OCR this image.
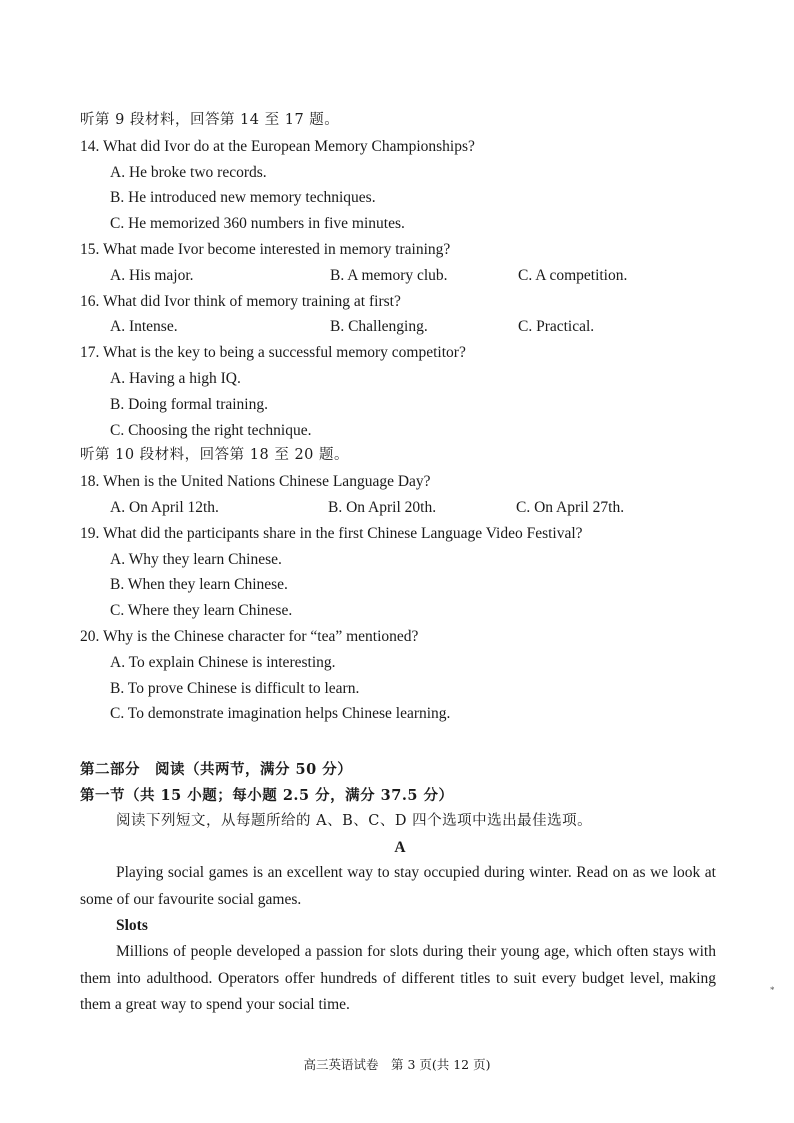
听第 9 段材料，回答第 14 至 17 题。
14. What did Ivor do at the European Memory Championships?
A. He broke two records.
B. He introduced new memory techniques.
C. He memorized 360 numbers in five minutes.
15. What made Ivor become interested in memory training?
A. His major.	B. A memory club.	C. A competition.
16. What did Ivor think of memory training at first?
A. Intense.	B. Challenging.	C. Practical.
17. What is the key to being a successful memory competitor?
A. Having a high IQ.
B. Doing formal training.
C. Choosing the right technique.
听第 10 段材料，回答第 18 至 20 题。
18. When is the United Nations Chinese Language Day?
A. On April 12th.	B. On April 20th.	C. On April 27th.
19. What did the participants share in the first Chinese Language Video Festival?
A. Why they learn Chinese.
B. When they learn Chinese.
C. Where they learn Chinese.
20. Why is the Chinese character for “tea” mentioned?
A. To explain Chinese is interesting.
B. To prove Chinese is difficult to learn.
C. To demonstrate imagination helps Chinese learning.
第二部分　阅读（共两节，满分 50 分）
第一节（共 15 小题；每小题 2.5 分，满分 37.5 分）
阅读下列短文，从每题所给的 A、B、C、D 四个选项中选出最佳选项。
A
Playing social games is an excellent way to stay occupied during winter. Read on as we look at some of our favourite social games.
Slots
Millions of people developed a passion for slots during their young age, which often stays with them into adulthood. Operators offer hundreds of different titles to suit every budget level, making them a great way to spend your social time.
*
高三英语试卷　第 3 页(共 12 页)
